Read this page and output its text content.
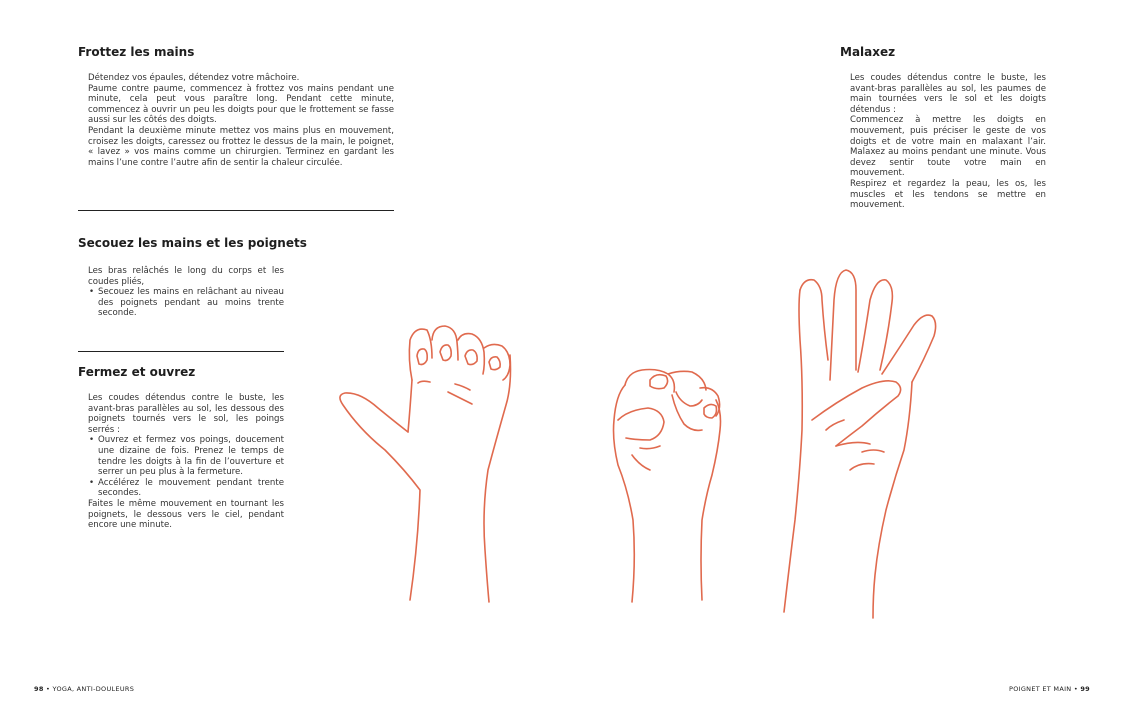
Frottez les mains

Détendez vos épaules, détendez votre mâchoire.

Paume contre paume, commencez à frottez vos mains pendant une minute, cela peut vous paraître long. Pendant cette minute, commencez à ouvrir un peu les doigts pour que le frottement se fasse aussi sur les côtés des doigts.

Pendant la deuxième minute mettez vos mains plus en mouvement, croisez les doigts, caressez ou frottez le dessus de la main, le poignet, « lavez » vos mains comme un chirurgien. Terminez en gardant les mains l’une contre l’autre afin de sentir la chaleur circulée.

Secouez les mains et les poignets

Les bras relâchés le long du corps et les coudes pliés,

• Secouez les mains en relâchant au niveau des poignets pendant au moins trente seconde.
Fermez et ouvrez

Les coudes détendus contre le buste, les avant-bras parallèles au sol, les dessous des poignets tournés vers le sol, les poings serrés :

• Ouvrez et fermez vos poings, doucement une dizaine de fois. Prenez le temps de tendre les doigts à la fin de l’ouverture et serrer un peu plus à la fermeture.
• Accélérez le mouvement pendant trente secondes.

Faites le même mouvement en tournant les poignets, le dessous vers le ciel, pendant encore une minute.

98 • YOGA, ANTI-DOULEURS
Malaxez

Les coudes détendus contre le buste, les avant-bras parallèles au sol, les paumes de main tournées vers le sol et les doigts détendus :

Commencez à mettre les doigts en mouvement, puis préciser le geste de vos doigts et de votre main en malaxant l’air. Malaxez au moins pendant une minute. Vous devez sentir toute votre main en mouvement.

Respirez et regardez la peau, les os, les muscles et les tendons se mettre en mouvement.

POIGNET ET MAIN • 99
